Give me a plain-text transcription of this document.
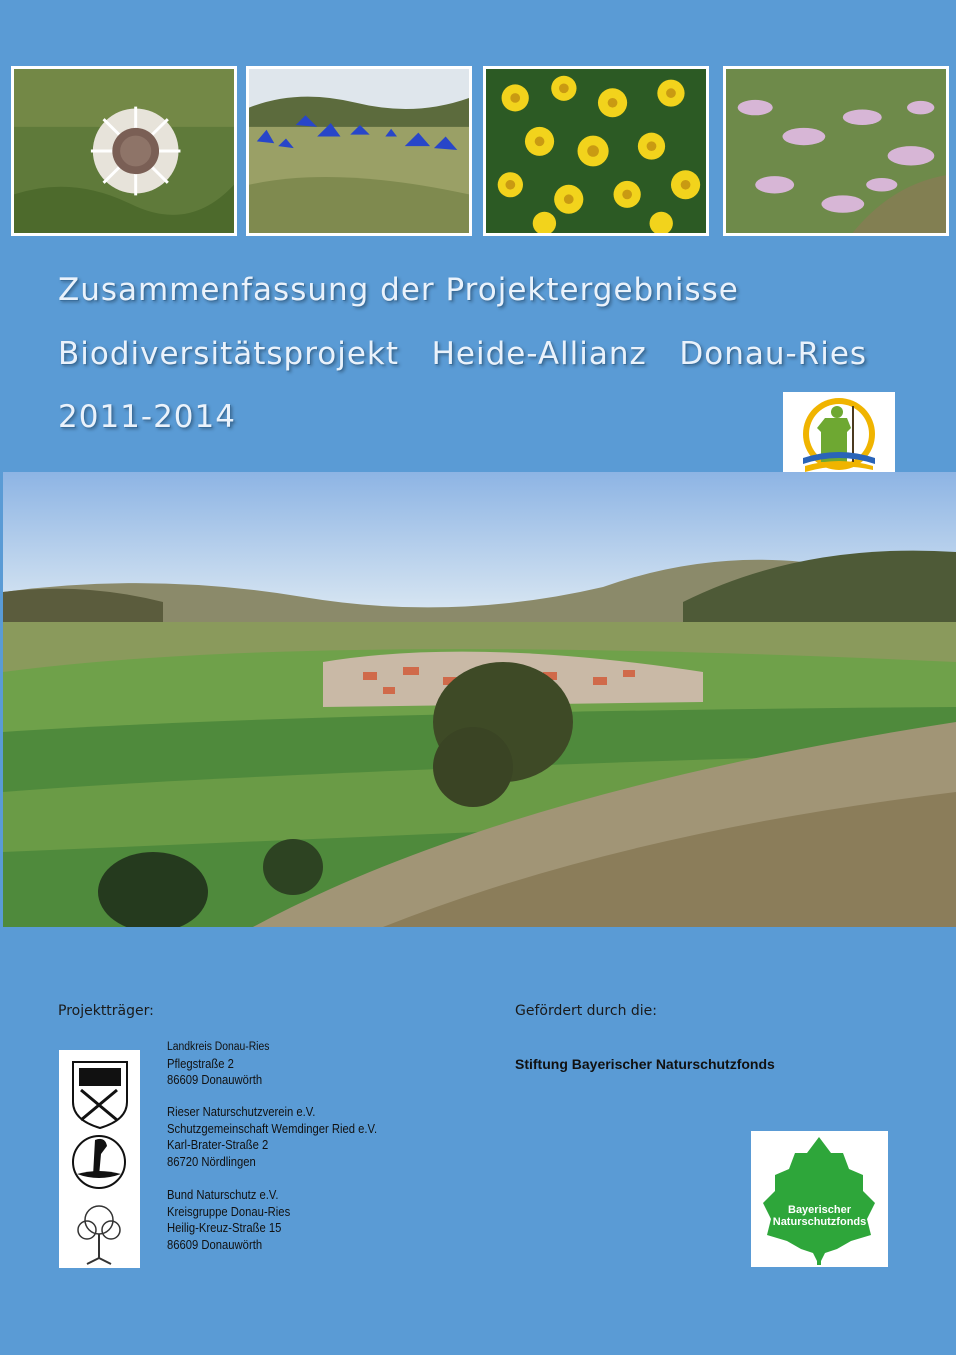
Zusammenfassung der Projektergebnisse
Biodiversitätsprojekt   Heide-Allianz   Donau-Ries
2011-2014
Projektträger:
Landkreis Donau-Ries
Pflegstraße 2
86609 Donauwörth
Rieser Naturschutzverein e.V.
Schutzgemeinschaft Wemdinger Ried e.V.
Karl-Brater-Straße 2
86720 Nördlingen
Bund Naturschutz e.V.
Kreisgruppe Donau-Ries
Heilig-Kreuz-Straße 15
86609 Donauwörth
Gefördert durch die:
Stiftung Bayerischer Naturschutzfonds
Bayerischer
Naturschutzfonds
